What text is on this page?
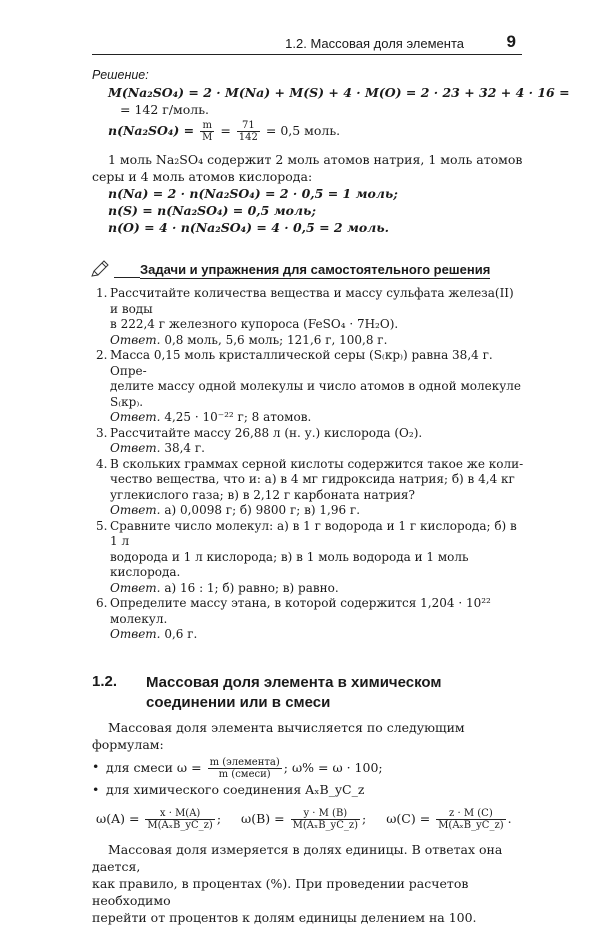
1.2. Массовая доля элемента	9
Решение:
M(Na₂SO₄) = 2 · M(Na) + M(S) + 4 · M(O) = 2 · 23 + 32 + 4 · 16 =
= 142 г/моль.
$n(Na_2SO_4) = \frac{m}{M} = \frac{71}{142} = 0,5$ моль.
1 моль Na₂SO₄ содержит 2 моль атомов натрия, 1 моль атомов
серы и 4 моль атомов кислорода:
n(Na) = 2 · n(Na₂SO₄) = 2 · 0,5 = 1 моль;
n(S) = n(Na₂SO₄) = 0,5 моль;
n(O) = 4 · n(Na₂SO₄) = 4 · 0,5 = 2 моль.
Задачи и упражнения для самостоятельного решения
1. Рассчитайте количества вещества и массу сульфата железа(II) и воды
в 222,4 г железного купороса (FeSO₄ · 7H₂O).
Ответ. 0,8 моль, 5,6 моль; 121,6 г, 100,8 г.
2. Масса 0,15 моль кристаллической серы (S₍кр₎) равна 38,4 г. Опре-
делите массу одной молекулы и число атомов в одной молекуле
S₍кр₎.
Ответ. 4,25 · 10⁻²² г; 8 атомов.
3. Рассчитайте массу 26,88 л (н. у.) кислорода (O₂).
Ответ. 38,4 г.
4. В скольких граммах серной кислоты содержится такое же коли-
чество вещества, что и: а) в 4 мг гидроксида натрия; б) в 4,4 кг
углекислого газа; в) в 2,12 г карбоната натрия?
Ответ. а) 0,0098 г; б) 9800 г; в) 1,96 г.
5. Сравните число молекул: а) в 1 г водорода и 1 г кислорода; б) в 1 л
водорода и 1 л кислорода; в) в 1 моль водорода и 1 моль кислорода.
Ответ. а) 16 : 1; б) равно; в) равно.
6. Определите массу этана, в которой содержится 1,204 · 10²² молекул.
Ответ. 0,6 г.
1.2. Массовая доля элемента в химическом соединении или в смеси
Массовая доля элемента вычисляется по следующим формулам:
• для смеси $\omega = \frac{\text{m (элемента)}}{\text{m (смеси)}}$ ; ω% = ω · 100;
• для химического соединения AₓB_yC_z
$\omega(A) = \frac{x \cdot M(A)}{\text{M(AₓB\_yC\_z)}}$ ; $\omega(B) = \frac{y \cdot M (B)}{\text{M(AₓB\_yC\_z)}}$ ; $\omega(C) = \frac{z \cdot M (C)}{\text{M(AₓB\_yC\_z)}}$ .
Массовая доля измеряется в долях единицы. В ответах она дается,
как правило, в процентах (%). При проведении расчетов необходимо
перейти от процентов к долям единицы делением на 100.
